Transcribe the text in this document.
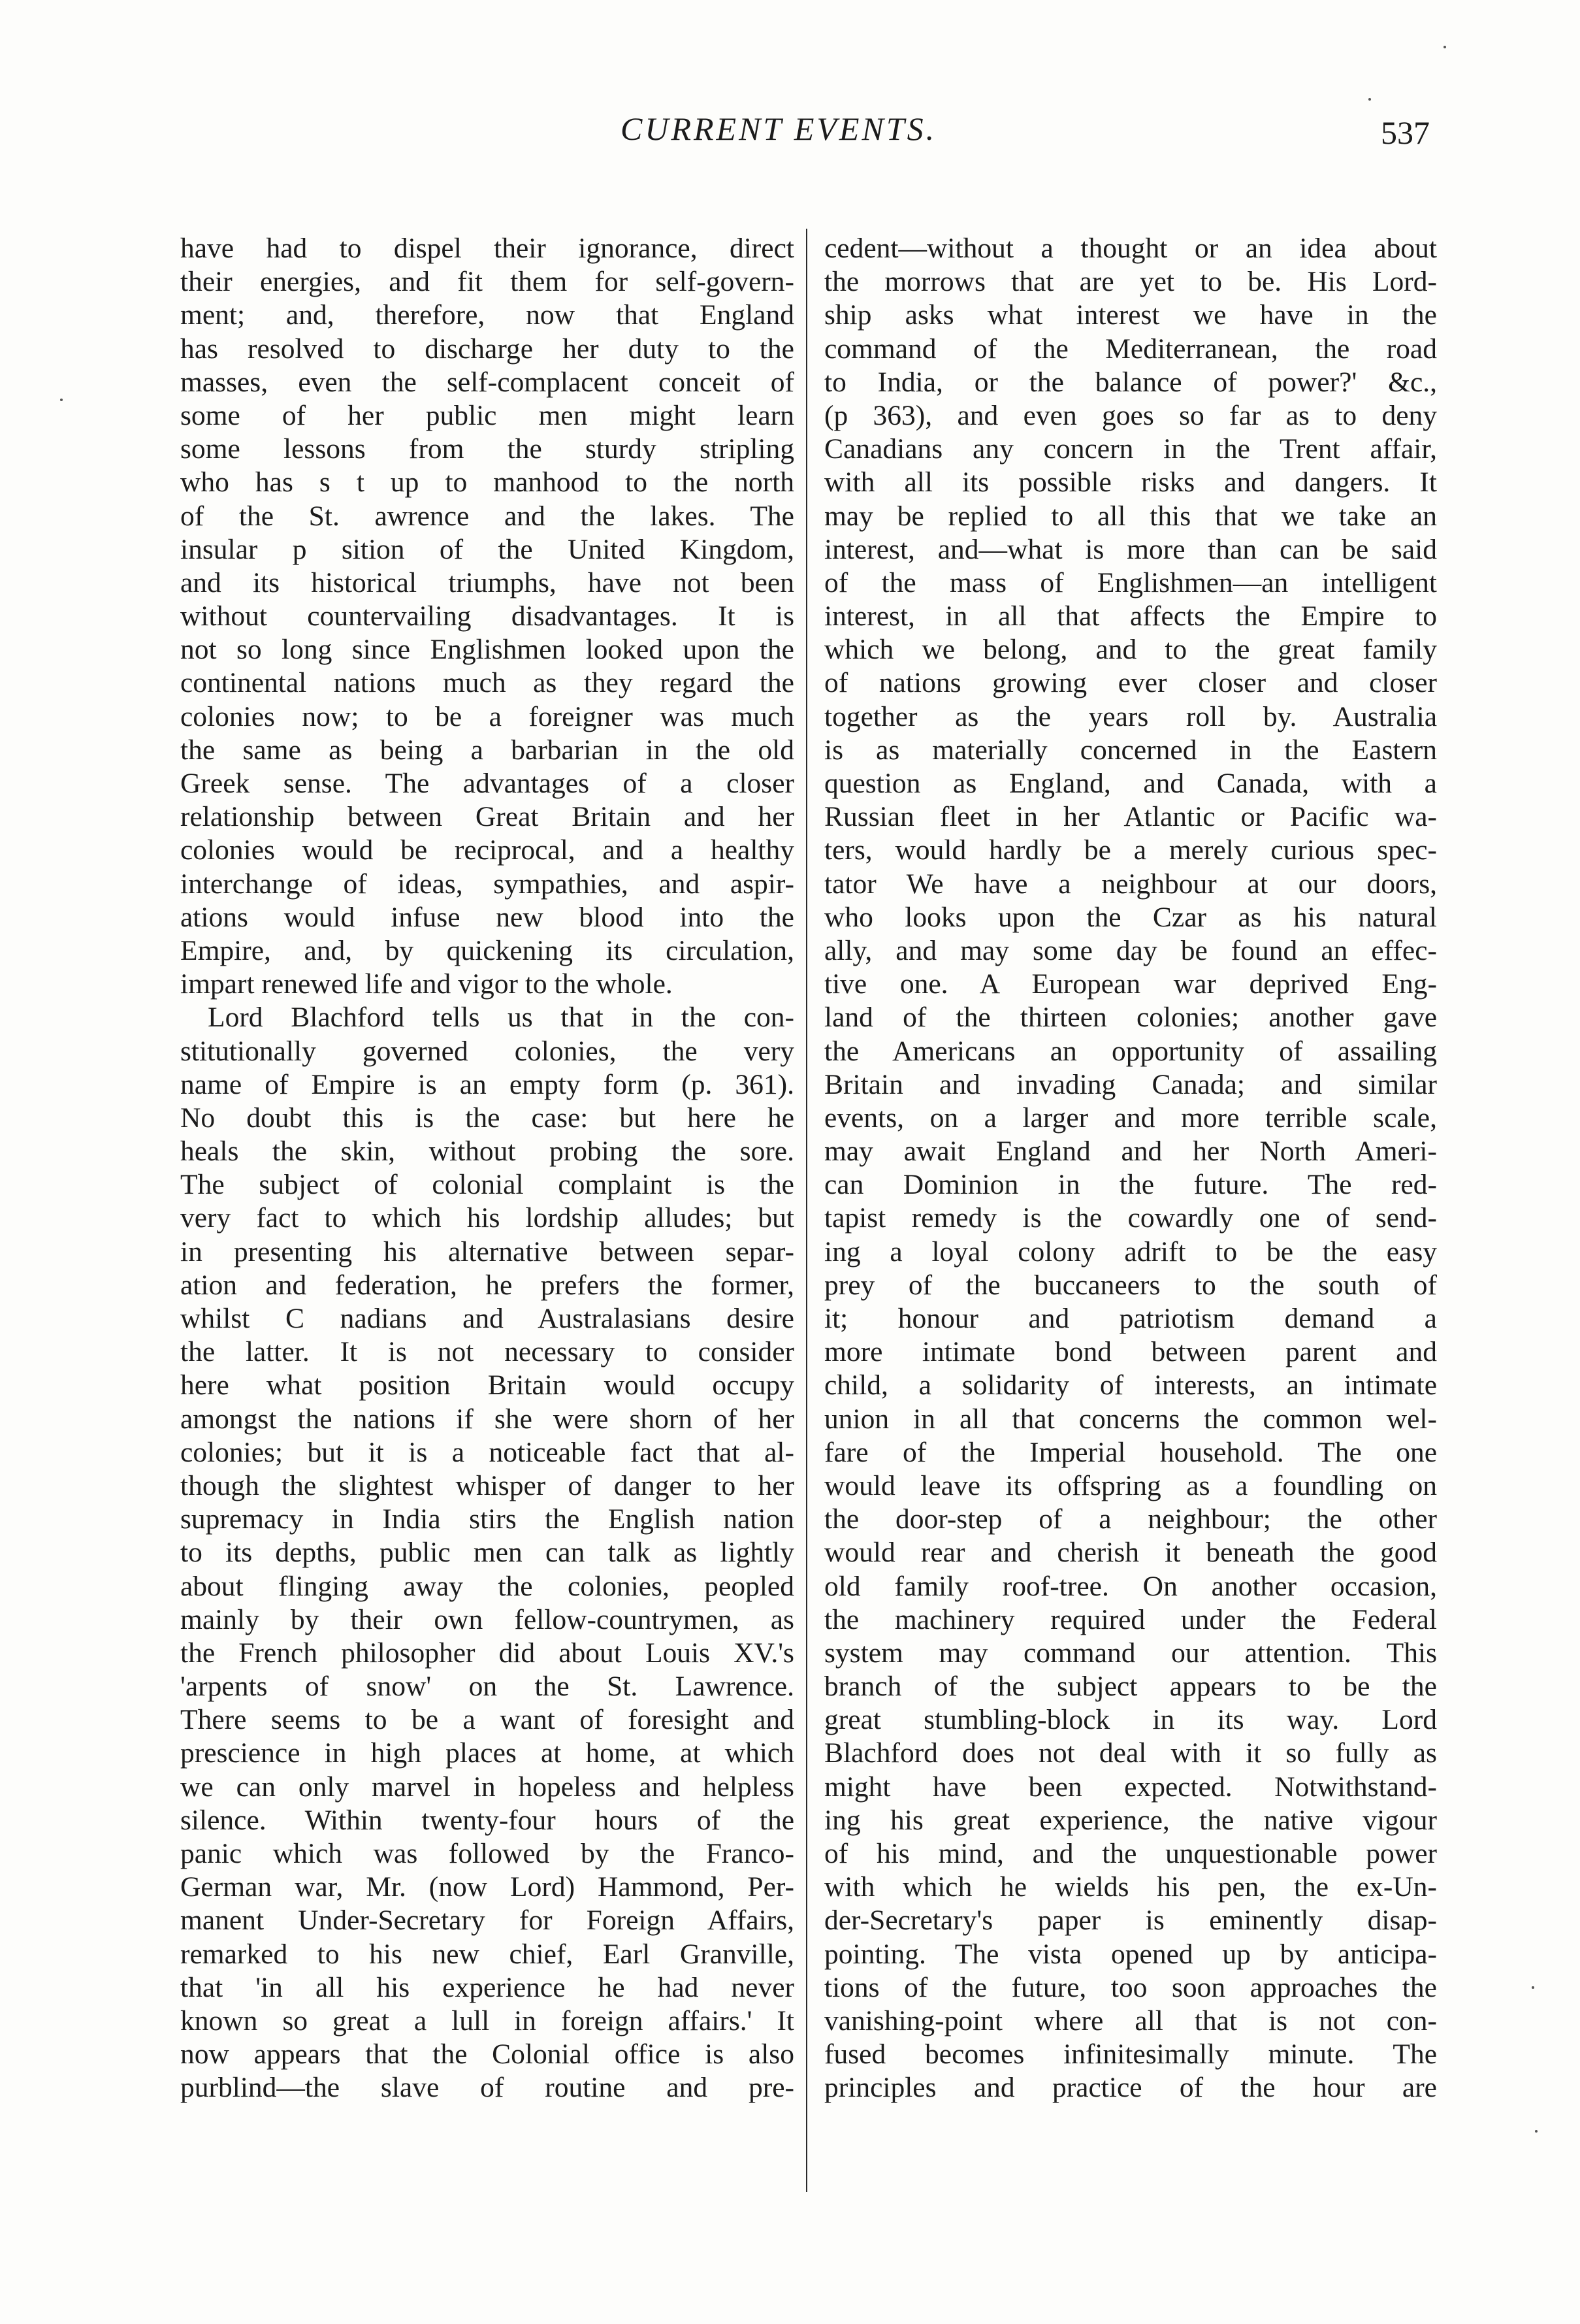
CURRENT EVENTS.	537
have had to dispel their ignorance, direct
their energies, and fit them for self-govern-
ment; and, therefore, now that England
has resolved to discharge her duty to the
masses, even the self-complacent conceit of
some of her public men might learn
some lessons from the sturdy stripling
who has s t up to manhood to the north
of the St. awrence and the lakes. The
insular p sition of the United Kingdom,
and its historical triumphs, have not been
without countervailing disadvantages. It is
not so long since Englishmen looked upon the
continental nations much as they regard the
colonies now; to be a foreigner was much
the same as being a barbarian in the old
Greek sense. The advantages of a closer
relationship between Great Britain and her
colonies would be reciprocal, and a healthy
interchange of ideas, sympathies, and aspir-
ations would infuse new blood into the
Empire, and, by quickening its circulation,
impart renewed life and vigor to the whole.
Lord Blachford tells us that in the con-
stitutionally governed colonies, the very
name of Empire is an empty form (p. 361).
No doubt this is the case: but here he
heals the skin, without probing the sore.
The subject of colonial complaint is the
very fact to which his lordship alludes; but
in presenting his alternative between separ-
ation and federation, he prefers the former,
whilst C nadians and Australasians desire
the latter. It is not necessary to consider
here what position Britain would occupy
amongst the nations if she were shorn of her
colonies; but it is a noticeable fact that al-
though the slightest whisper of danger to her
supremacy in India stirs the English nation
to its depths, public men can talk as lightly
about flinging away the colonies, peopled
mainly by their own fellow-countrymen, as
the French philosopher did about Louis XV.'s
'arpents of snow' on the St. Lawrence.
There seems to be a want of foresight and
prescience in high places at home, at which
we can only marvel in hopeless and helpless
silence. Within twenty-four hours of the
panic which was followed by the Franco-
German war, Mr. (now Lord) Hammond, Per-
manent Under-Secretary for Foreign Affairs,
remarked to his new chief, Earl Granville,
that 'in all his experience he had never
known so great a lull in foreign affairs.' It
now appears that the Colonial office is also
purblind—the slave of routine and pre-
cedent—without a thought or an idea about
the morrows that are yet to be. His Lord-
ship asks what interest we have in the
command of the Mediterranean, the road
to India, or the balance of power?' &c.,
(p 363), and even goes so far as to deny
Canadians any concern in the Trent affair,
with all its possible risks and dangers. It
may be replied to all this that we take an
interest, and—what is more than can be said
of the mass of Englishmen—an intelligent
interest, in all that affects the Empire to
which we belong, and to the great family
of nations growing ever closer and closer
together as the years roll by. Australia
is as materially concerned in the Eastern
question as England, and Canada, with a
Russian fleet in her Atlantic or Pacific wa-
ters, would hardly be a merely curious spec-
tator We have a neighbour at our doors,
who looks upon the Czar as his natural
ally, and may some day be found an effec-
tive one. A European war deprived Eng-
land of the thirteen colonies; another gave
the Americans an opportunity of assailing
Britain and invading Canada; and similar
events, on a larger and more terrible scale,
may await England and her North Ameri-
can Dominion in the future. The red-
tapist remedy is the cowardly one of send-
ing a loyal colony adrift to be the easy
prey of the buccaneers to the south of
it; honour and patriotism demand a
more intimate bond between parent and
child, a solidarity of interests, an intimate
union in all that concerns the common wel-
fare of the Imperial household. The one
would leave its offspring as a foundling on
the door-step of a neighbour; the other
would rear and cherish it beneath the good
old family roof-tree. On another occasion,
the machinery required under the Federal
system may command our attention. This
branch of the subject appears to be the
great stumbling-block in its way. Lord
Blachford does not deal with it so fully as
might have been expected. Notwithstand-
ing his great experience, the native vigour
of his mind, and the unquestionable power
with which he wields his pen, the ex-Un-
der-Secretary's paper is eminently disap-
pointing. The vista opened up by anticipa-
tions of the future, too soon approaches the
vanishing-point where all that is not con-
fused becomes infinitesimally minute. The
principles and practice of the hour are
